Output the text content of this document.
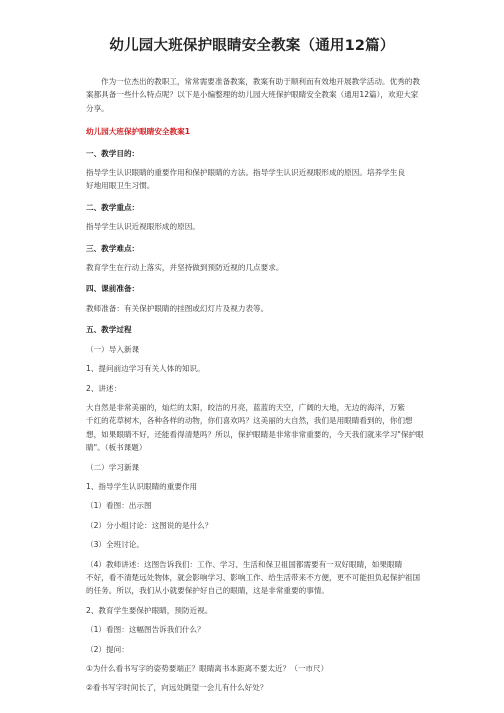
幼儿园大班保护眼睛安全教案（通用12篇）

作为一位杰出的教职工，常常需要准备教案，教案有助于顺利而有效地开展教学活动。优秀的教

案都具备一些什么特点呢？以下是小编整理的幼儿园大班保护眼睛安全教案（通用12篇），欢迎大家

分享。

幼儿园大班保护眼睛安全教案1

一、教学目的：

指导学生认识眼睛的重要作用和保护眼睛的方法。指导学生认识近视眼形成的原因。培养学生良

好地用眼卫生习惯。

二、教学重点：

指导学生认识近视眼形成的原因。

三、教学难点：

教育学生在行动上落实，并坚持做到预防近视的几点要求。

四、课前准备：

教师准备：有关保护眼睛的挂图或幻灯片及视力表等。

五、教学过程

（一）导入新课

1、提问前边学习有关人体的知识。

2、讲述：

大自然是非常美丽的，灿烂的太阳，皎洁的月亮，蓝蓝的天空，广阔的大地，无边的海洋，万紫

千红的花草树木，各种各样的动物，你们喜欢吗？这美丽的大自然，我们是用眼睛看到的，你们想

想，如果眼睛不好，还能看得清楚吗？所以，保护眼睛是非常非常重要的，今天我们就来学习"保护眼

睛"。（板书课题）

（二）学习新课

1、指导学生认识眼睛的重要作用

（1）看图：出示图

（2）分小组讨论：这图说的是什么？

（3）全班讨论。

（4）教师讲述：这图告诉我们：工作、学习、生活和保卫祖国都需要有一双好眼睛，如果眼睛

不好，看不清楚远处物体，就会影响学习、影响工作、给生活带来不方便，更不可能担负起保护祖国

的任务。所以，我们从小就要保护好自己的眼睛，这是非常重要的事情。

2、教育学生要保护眼睛，预防近视。

（1）看图：这幅图告诉我们什么？

（2）提问：

①为什么看书写字的姿势要端正？眼睛离书本距离不要太近？（一市尺）

②看书写字时间长了，向远处眺望一会儿有什么好处？
